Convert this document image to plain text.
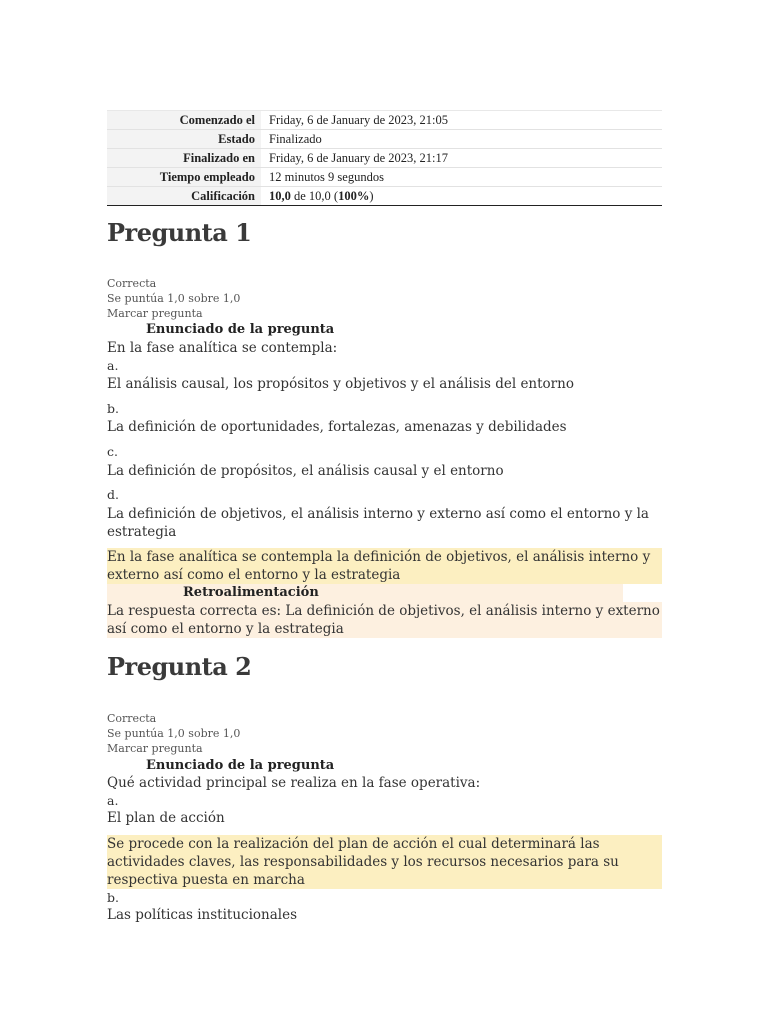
Comenzado el	Friday, 6 de January de 2023, 21:05
Estado	Finalizado
Finalizado en	Friday, 6 de January de 2023, 21:17
Tiempo empleado	12 minutos 9 segundos
Calificación	10,0 de 10,0 (100%)
Pregunta 1
Correcta
Se puntúa 1,0 sobre 1,0
Marcar pregunta
Enunciado de la pregunta
En la fase analítica se contempla:
a.
El análisis causal, los propósitos y objetivos y el análisis del entorno
b.
La definición de oportunidades, fortalezas, amenazas y debilidades
c.
La definición de propósitos, el análisis causal y el entorno
d.
La definición de objetivos, el análisis interno y externo así como el entorno y la estrategia
En la fase analítica se contempla la definición de objetivos, el análisis interno y externo así como el entorno y la estrategia
Retroalimentación
La respuesta correcta es: La definición de objetivos, el análisis interno y externo así como el entorno y la estrategia
Pregunta 2
Correcta
Se puntúa 1,0 sobre 1,0
Marcar pregunta
Enunciado de la pregunta
Qué actividad principal se realiza en la fase operativa:
a.
El plan de acción
Se procede con la realización del plan de acción el cual determinará las actividades claves, las responsabilidades y los recursos necesarios para su respectiva puesta en marcha
b.
Las políticas institucionales
